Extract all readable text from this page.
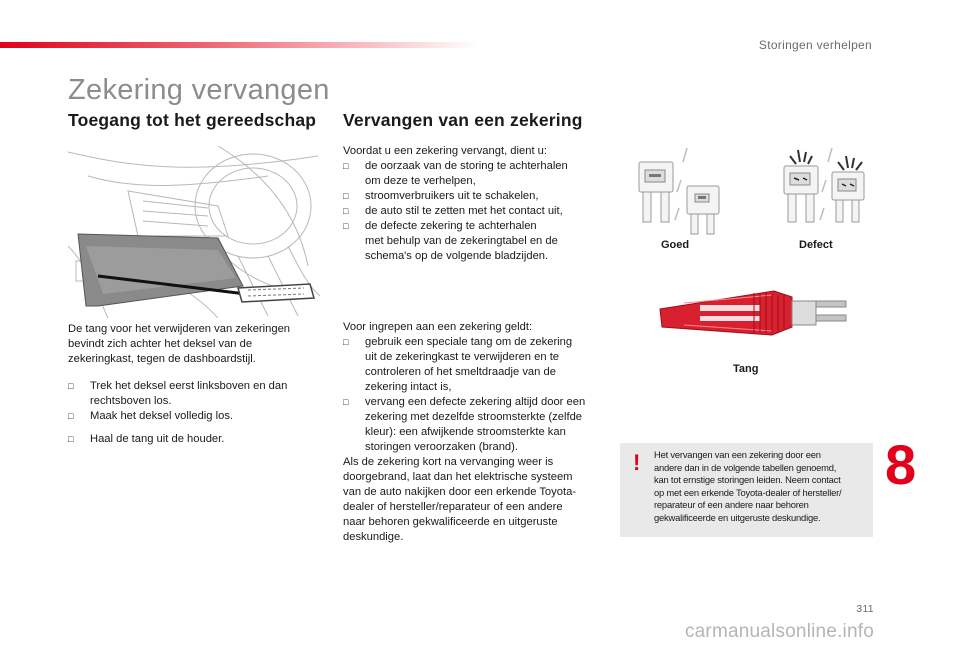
Storingen verhelpen
Zekering vervangen
Toegang tot het gereedschap
De tang voor het verwijderen van zekeringen
bevindt zich achter het deksel van de
zekeringkast, tegen de dashboardstijl.
□ Trek het deksel eerst linksboven en dan
rechtsboven los.
□ Maak het deksel volledig los.
□ Haal de tang uit de houder.
Vervangen van een zekering
Voordat u een zekering vervangt, dient u:
□ de oorzaak van de storing te achterhalen
om deze te verhelpen,
□ stroomverbruikers uit te schakelen,
□ de auto stil te zetten met het contact uit,
□ de defecte zekering te achterhalen
met behulp van de zekeringtabel en de
schema's op de volgende bladzijden.
Voor ingrepen aan een zekering geldt:
□ gebruik een speciale tang om de zekering
uit de zekeringkast te verwijderen en te
controleren of het smeltdraadje van de
zekering intact is,
□ vervang een defecte zekering altijd door een
zekering met dezelfde stroomsterkte (zelfde
kleur): een afwijkende stroomsterkte kan
storingen veroorzaken (brand).
Als de zekering kort na vervanging weer is
doorgebrand, laat dan het elektrische systeem
van de auto nakijken door een erkende Toyota-
dealer of hersteller/reparateur of een andere
naar behoren gekwalificeerde en uitgeruste
deskundige.
Goed	Defect
Tang
! Het vervangen van een zekering door een
andere dan in de volgende tabellen genoemd,
kan tot ernstige storingen leiden. Neem contact
op met een erkende Toyota-dealer of hersteller/
reparateur of een andere naar behoren
gekwalificeerde en uitgeruste deskundige.
8
311
carmanualsonline.info
